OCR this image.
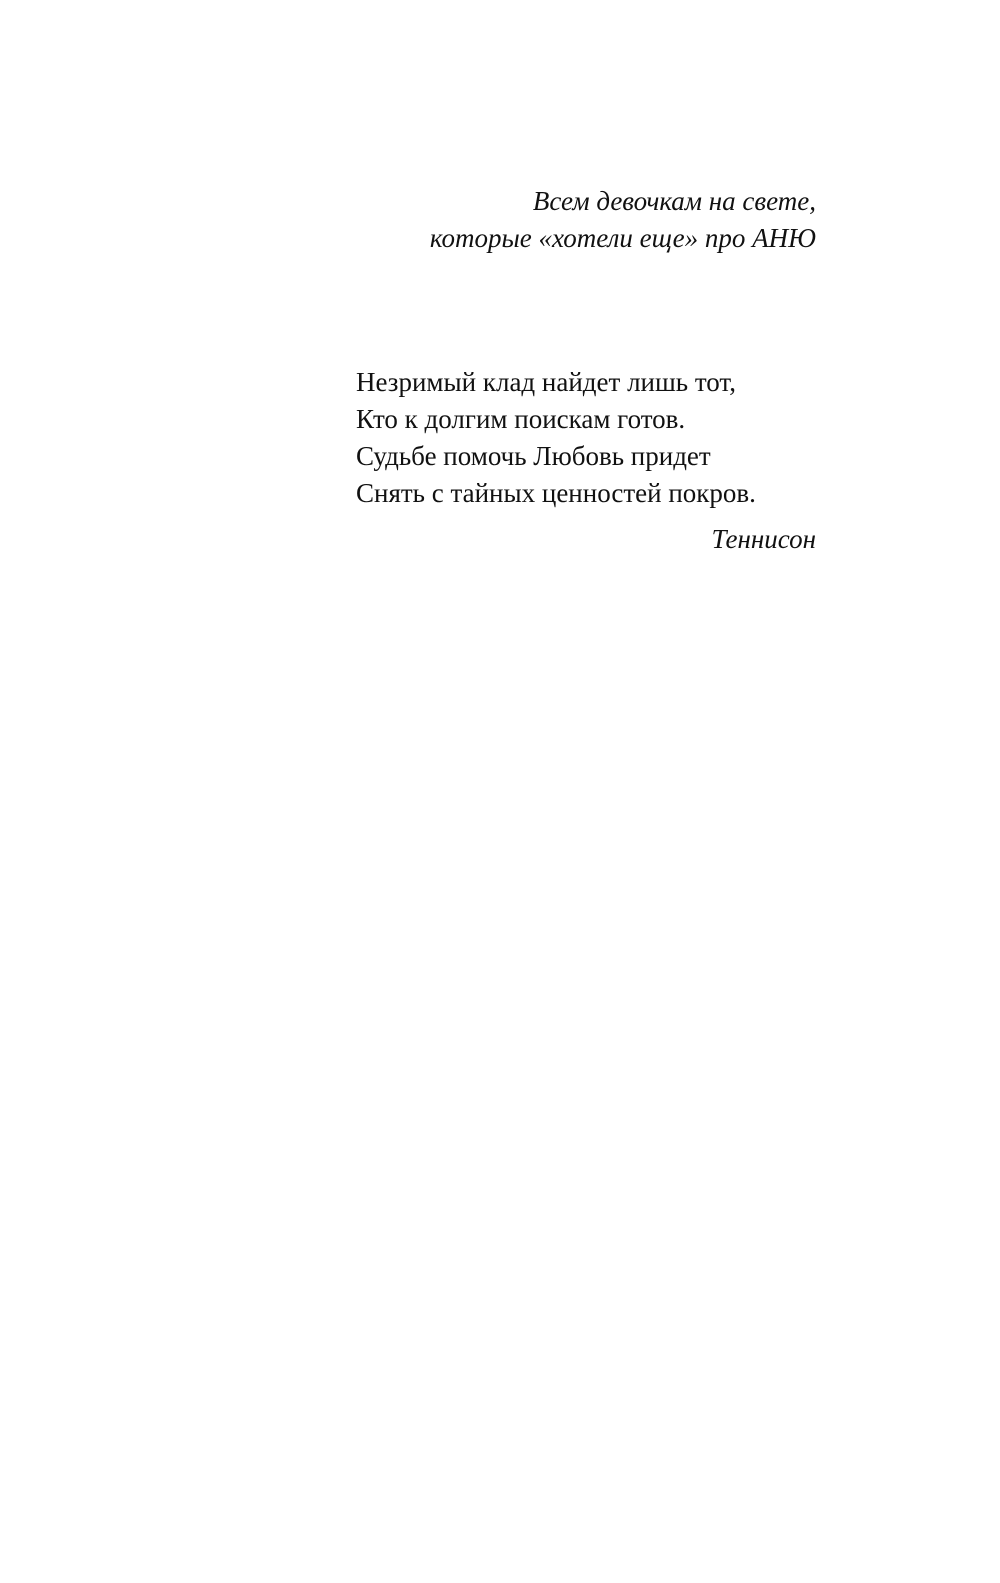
Всем девочкам на свете,
которые «хотели еще» про АНЮ
Незримый клад найдет лишь тот,
Кто к долгим поискам готов.
Судьбе помочь Любовь придет
Снять с тайных ценностей покров.
Теннисон
